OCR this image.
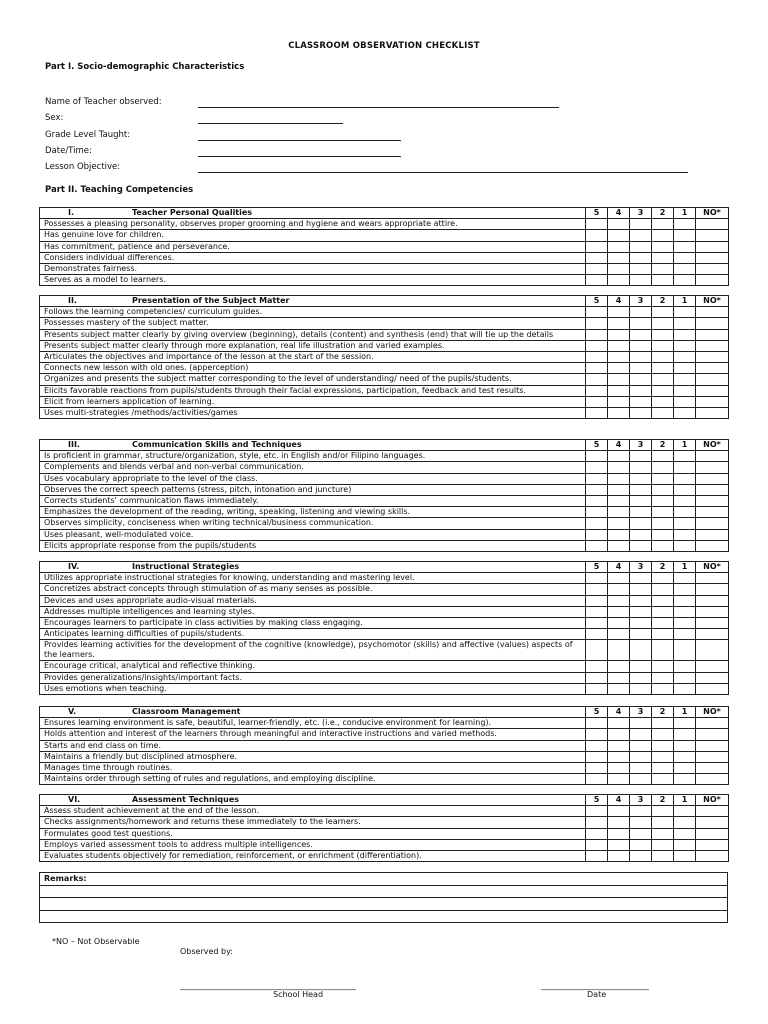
CLASSROOM OBSERVATION CHECKLIST
Part I. Socio-demographic Characteristics
Name of Teacher observed:
Sex:
Grade Level Taught:
Date/Time:
Lesson Objective:
Part II. Teaching Competencies
I. Teacher Personal Qualities	5	4	3	2	1	NO*
Possesses a pleasing personality, observes proper grooming and hygiene and wears appropriate attire.						
Has genuine love for children.						
Has commitment, patience and perseverance.						
Considers individual differences.						
Demonstrates fairness.						
Serves as a model to learners.						
II. Presentation of the Subject Matter	5	4	3	2	1	NO*
Follows the learning competencies/ curriculum guides.						
Possesses mastery of the subject matter.						
Presents subject matter clearly by giving overview (beginning), details (content) and synthesis (end) that will tie up the details						
Presents subject matter clearly through more explanation, real life illustration and varied examples.						
Articulates the objectives and importance of the lesson at the start of the session.						
Connects new lesson with old ones. (apperception)						
Organizes and presents the subject matter corresponding to the level of understanding/ need of the pupils/students.						
Elicits favorable reactions from pupils/students through their facial expressions, participation, feedback and test results.						
Elicit from learners application of learning.						
Uses multi-strategies /methods/activities/games						
III. Communication Skills and Techniques	5	4	3	2	1	NO*
Is proficient in grammar, structure/organization, style, etc. in English and/or Filipino languages.						
Complements and blends verbal and non-verbal communication.						
Uses vocabulary appropriate to the level of the class.						
Observes the correct speech patterns (stress, pitch, intonation and juncture)						
Corrects students' communication flaws immediately.						
Emphasizes the development of the reading, writing, speaking, listening and viewing skills.						
Observes simplicity, conciseness when writing technical/business communication.						
Uses pleasant, well-modulated voice.						
Elicits appropriate response from the pupils/students						
IV. Instructional Strategies	5	4	3	2	1	NO*
Utilizes appropriate instructional strategies for knowing, understanding and mastering level.						
Concretizes abstract concepts through stimulation of as many senses as possible.						
Devices and uses appropriate audio-visual materials.						
Addresses multiple intelligences and learning styles.						
Encourages learners to participate in class activities by making class engaging.						
Anticipates learning difficulties of pupils/students.						
Provides learning activities for the development of the cognitive (knowledge), psychomotor (skills) and affective (values) aspects of the learners.						
Encourage critical, analytical and reflective thinking.						
Provides generalizations/insights/important facts.						
Uses emotions when teaching.						
V. Classroom Management	5	4	3	2	1	NO*
Ensures learning environment is safe, beautiful, learner-friendly, etc. (i.e., conducive environment for learning).						
Holds attention and interest of the learners through meaningful and interactive instructions and varied methods.						
Starts and end class on time.						
Maintains a friendly but disciplined atmosphere.						
Manages time through routines.						
Maintains order through setting of rules and regulations, and employing discipline.						
VI. Assessment Techniques	5	4	3	2	1	NO*
Assess student achievement at the end of the lesson.						
Checks assignments/homework and returns these immediately to the learners.						
Formulates good test questions.						
Employs varied assessment tools to address multiple intelligences.						
Evaluates students objectively for remediation, reinforcement, or enrichment (differentiation).						
Remarks:

*NO – Not Observable
Observed by:
____________________________________________
School Head
___________________________
Date
